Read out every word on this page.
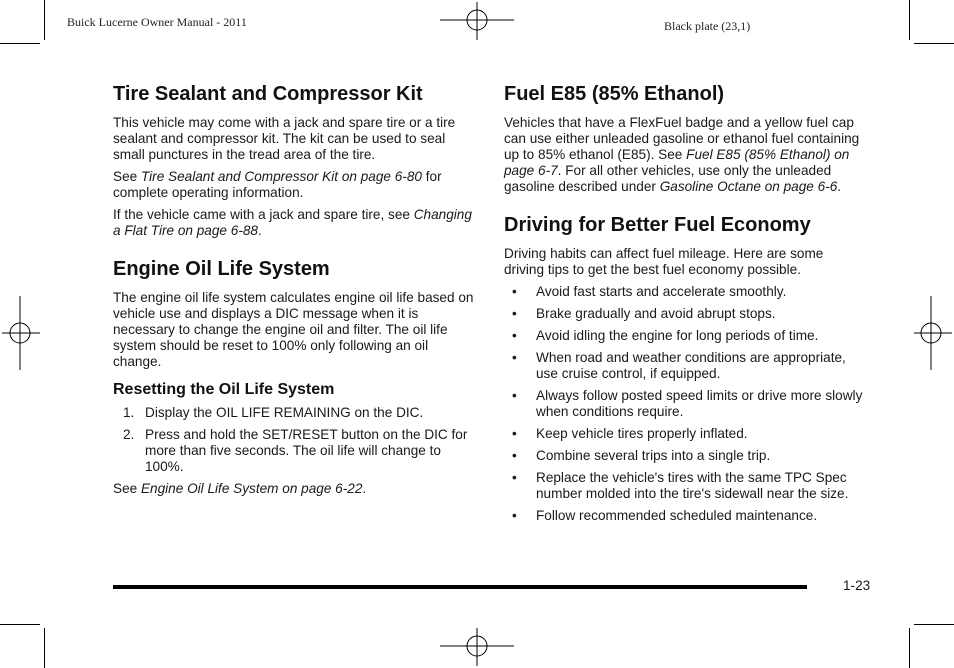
Buick Lucerne Owner Manual - 2011	Black plate (23,1)
Tire Sealant and Compressor Kit

This vehicle may come with a jack and spare tire or a tire sealant and compressor kit. The kit can be used to seal small punctures in the tread area of the tire.

See Tire Sealant and Compressor Kit on page 6-80 for complete operating information.

If the vehicle came with a jack and spare tire, see Changing a Flat Tire on page 6-88.

Engine Oil Life System

The engine oil life system calculates engine oil life based on vehicle use and displays a DIC message when it is necessary to change the engine oil and filter. The oil life system should be reset to 100% only following an oil change.

Resetting the Oil Life System
1. Display the OIL LIFE REMAINING on the DIC.
2. Press and hold the SET/RESET button on the DIC for more than five seconds. The oil life will change to 100%.

See Engine Oil Life System on page 6-22.

Fuel E85 (85% Ethanol)

Vehicles that have a FlexFuel badge and a yellow fuel cap can use either unleaded gasoline or ethanol fuel containing up to 85% ethanol (E85). See Fuel E85 (85% Ethanol) on page 6-7. For all other vehicles, use only the unleaded gasoline described under Gasoline Octane on page 6-6.

Driving for Better Fuel Economy

Driving habits can affect fuel mileage. Here are some driving tips to get the best fuel economy possible.

•	Avoid fast starts and accelerate smoothly.
•	Brake gradually and avoid abrupt stops.
•	Avoid idling the engine for long periods of time.
•	When road and weather conditions are appropriate, use cruise control, if equipped.
•	Always follow posted speed limits or drive more slowly when conditions require.
•	Keep vehicle tires properly inflated.
•	Combine several trips into a single trip.
•	Replace the vehicle's tires with the same TPC Spec number molded into the tire's sidewall near the size.
•	Follow recommended scheduled maintenance.
1-23
